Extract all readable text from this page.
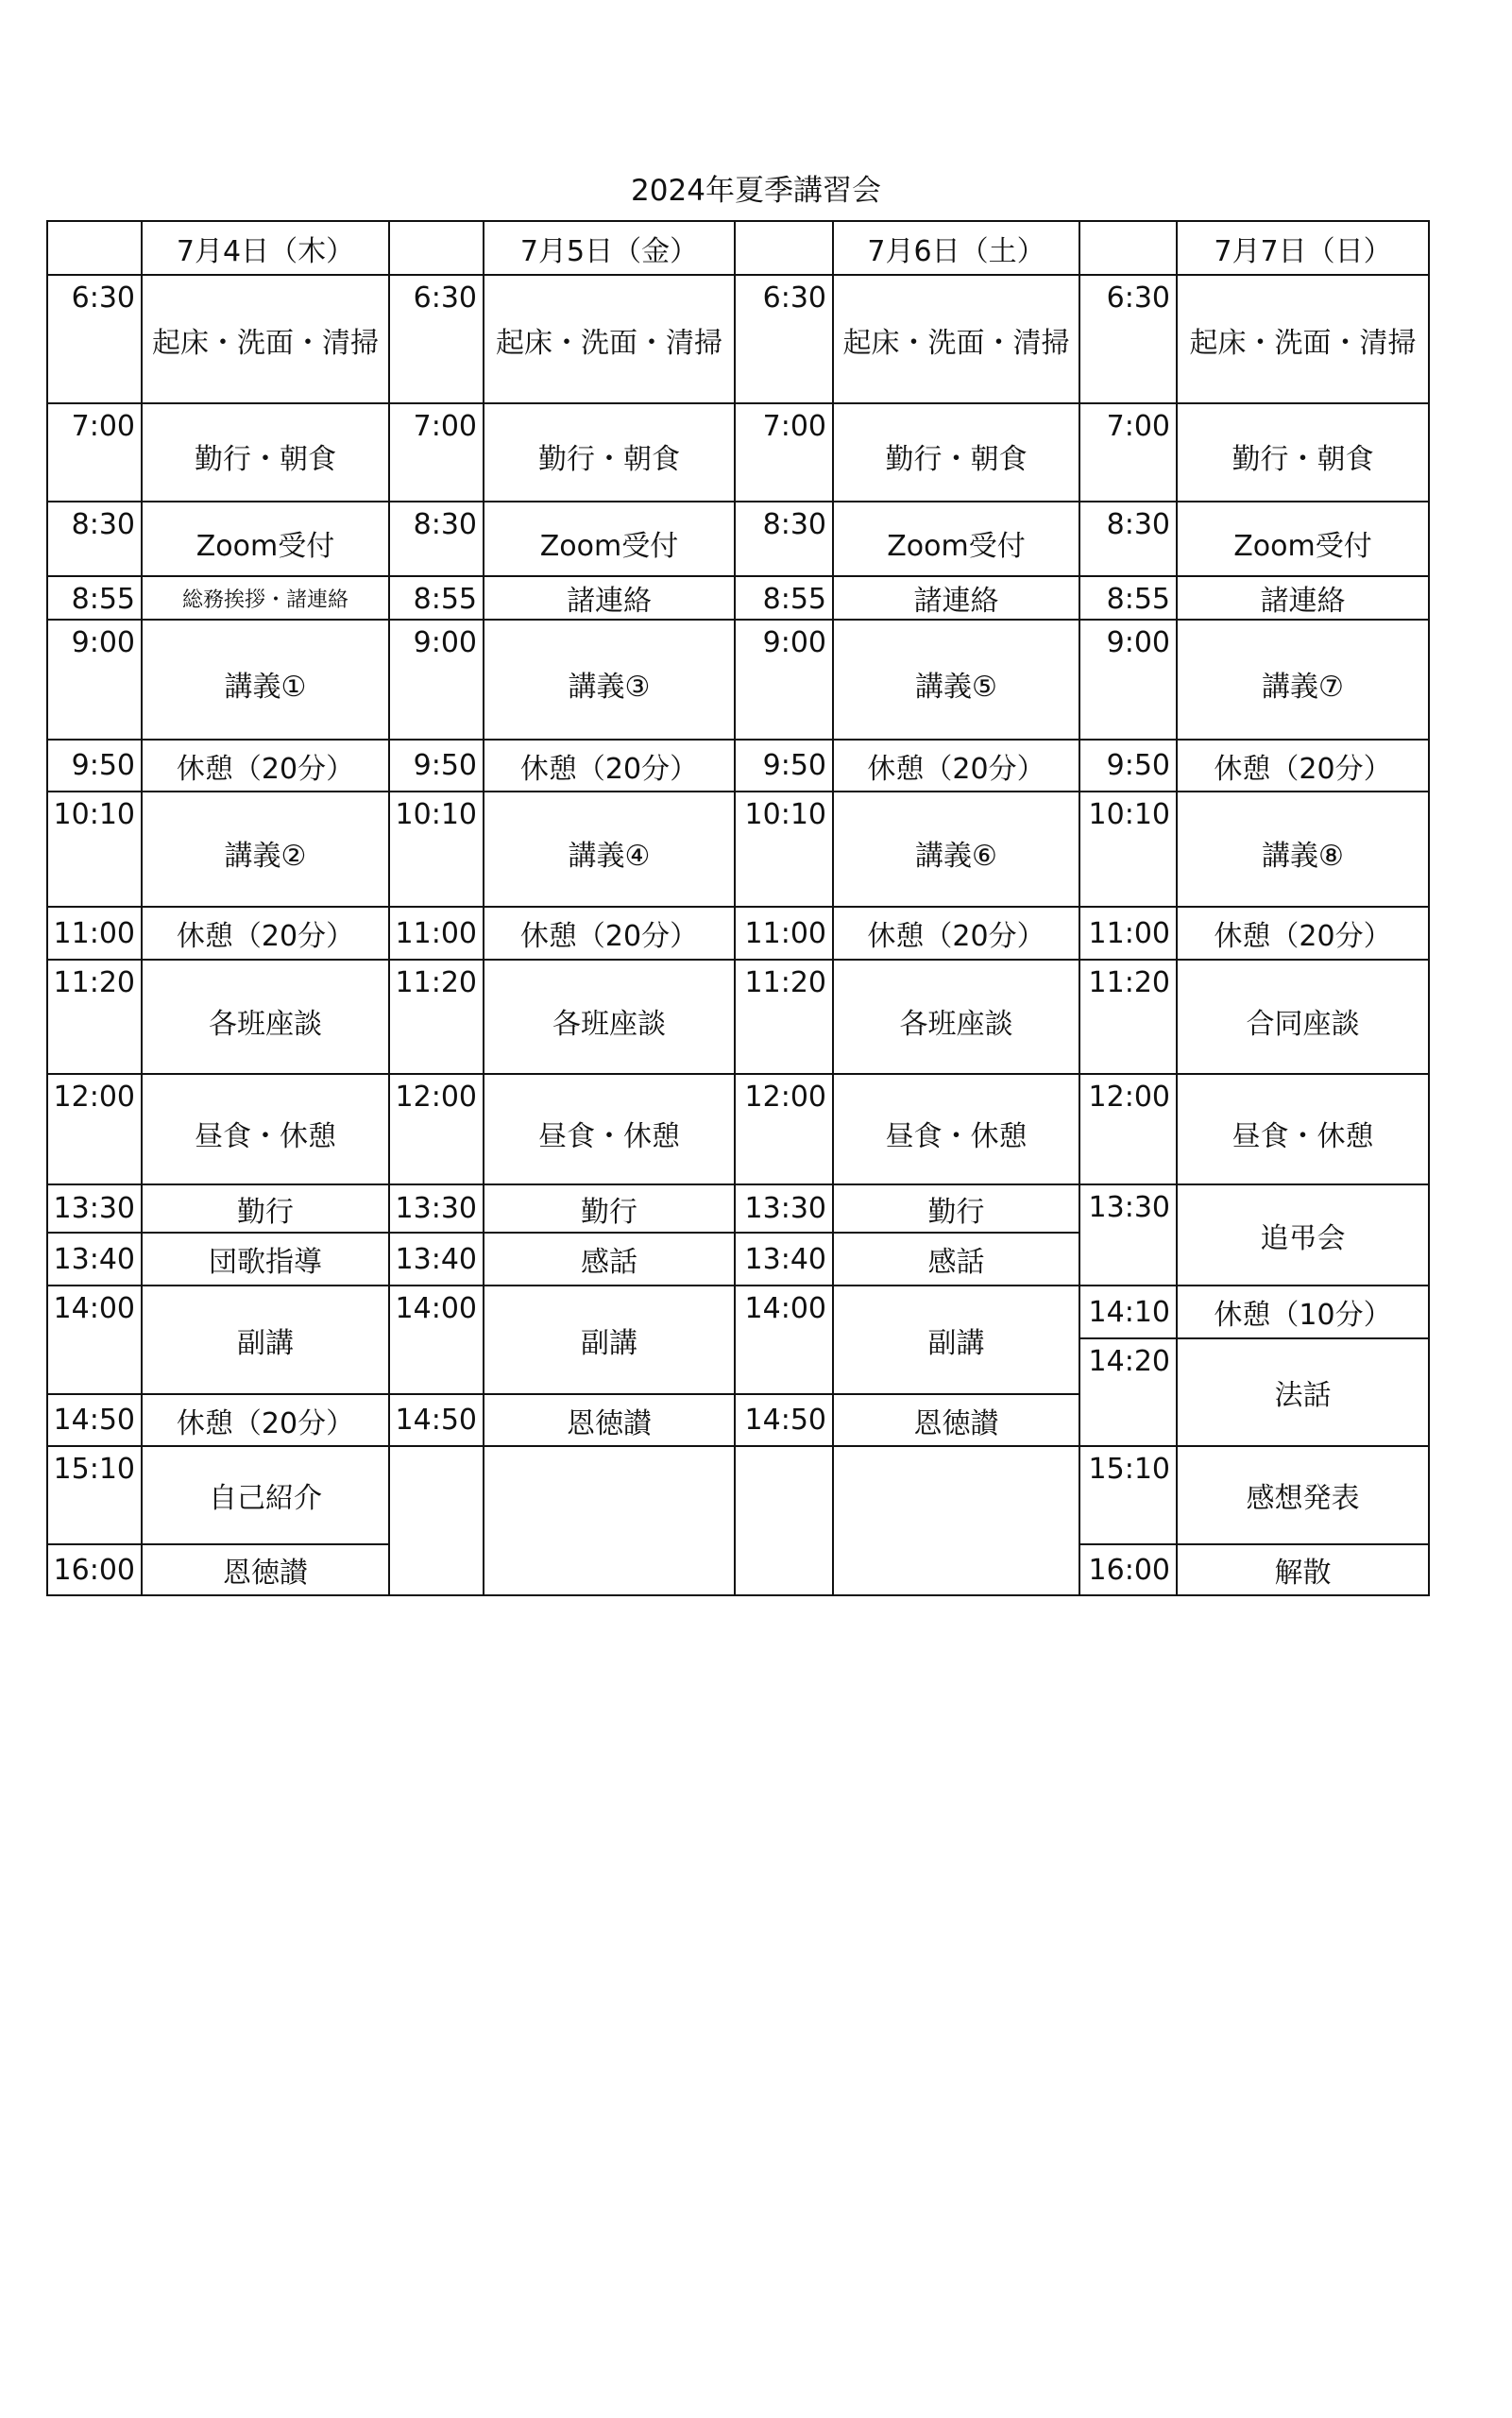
2024年夏季講習会
	7月4日（木）		7月5日（金）		7月6日（土）		7月7日（日）
6:30	起床・洗面・清掃	6:30	起床・洗面・清掃	6:30	起床・洗面・清掃	6:30	起床・洗面・清掃
7:00	勤行・朝食	7:00	勤行・朝食	7:00	勤行・朝食	7:00	勤行・朝食
8:30	Zoom受付	8:30	Zoom受付	8:30	Zoom受付	8:30	Zoom受付
8:55	総務挨拶・諸連絡	8:55	諸連絡	8:55	諸連絡	8:55	諸連絡
9:00	講義①	9:00	講義③	9:00	講義⑤	9:00	講義⑦
9:50	休憩（20分）	9:50	休憩（20分）	9:50	休憩（20分）	9:50	休憩（20分）
10:10	講義②	10:10	講義④	10:10	講義⑥	10:10	講義⑧
11:00	休憩（20分）	11:00	休憩（20分）	11:00	休憩（20分）	11:00	休憩（20分）
11:20	各班座談	11:20	各班座談	11:20	各班座談	11:20	合同座談
12:00	昼食・休憩	12:00	昼食・休憩	12:00	昼食・休憩	12:00	昼食・休憩
13:30	勤行	13:30	勤行	13:30	勤行	13:30	追弔会
13:40	団歌指導	13:40	感話	13:40	感話		
14:00	副講	14:00	副講	14:00	副講	14:10	休憩（10分）
						14:20	法話
14:50	休憩（20分）	14:50	恩徳讃	14:50	恩徳讃		
15:10	自己紹介					15:10	感想発表
16:00	恩徳讃					16:00	解散
